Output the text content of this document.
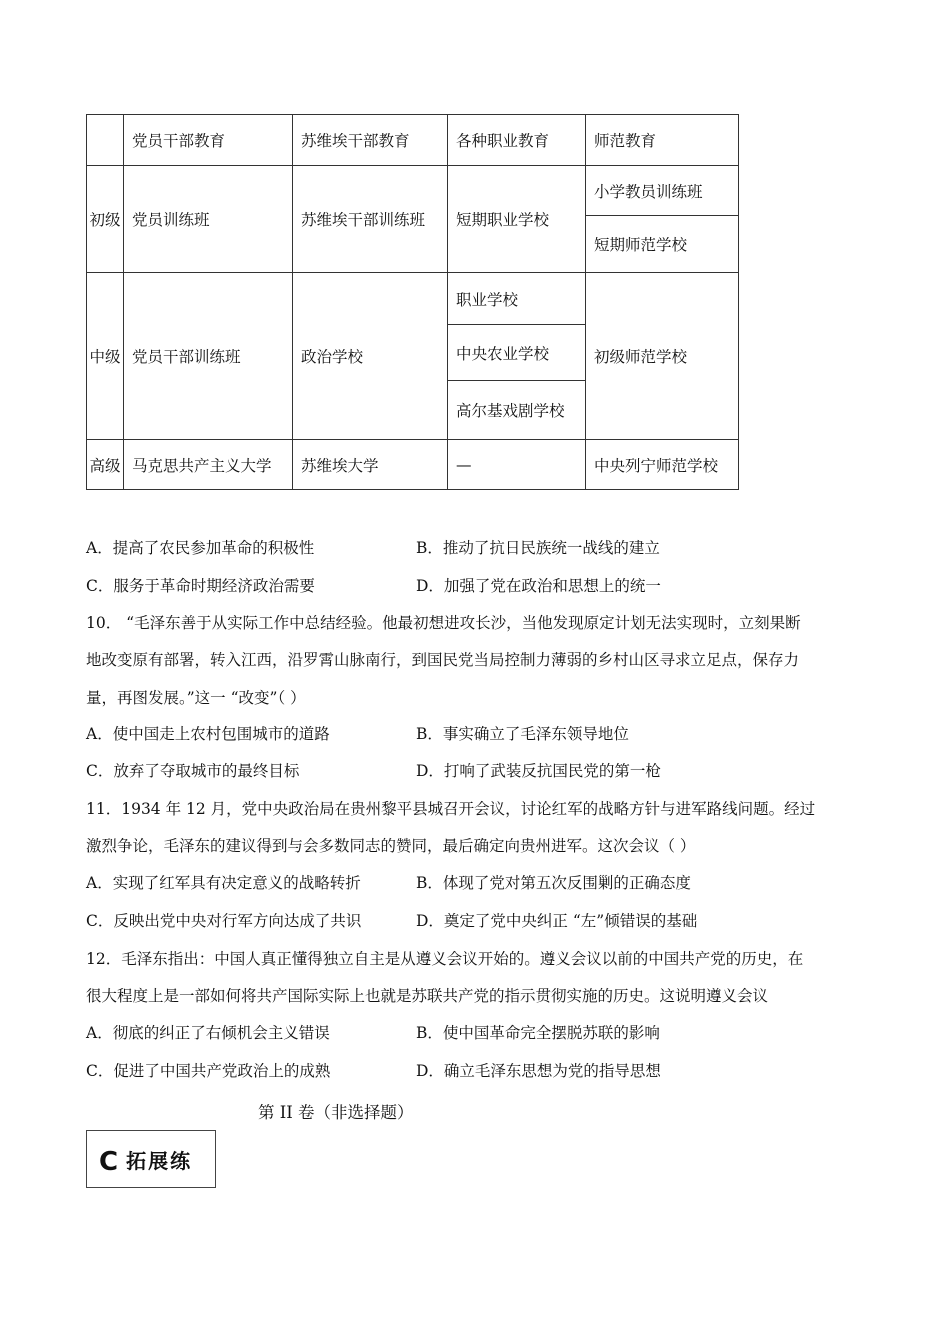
	党员干部教育	苏维埃干部教育	各种职业教育	师范教育
初级	党员训练班	苏维埃干部训练班	短期职业学校	小学教员训练班
				短期师范学校
中级	党员干部训练班	政治学校	职业学校	初级师范学校
			中央农业学校	
			高尔基戏剧学校	
高级	马克思共产主义大学	苏维埃大学	—	中央列宁师范学校
A．提高了农民参加革命的积极性	B．推动了抗日民族统一战线的建立
C．服务于革命时期经济政治需要	D．加强了党在政治和思想上的统一
10． “毛泽东善于从实际工作中总结经验。他最初想进攻长沙，当他发现原定计划无法实现时，立刻果断
地改变原有部署，转入江西，沿罗霄山脉南行，到国民党当局控制力薄弱的乡村山区寻求立足点，保存力
量，再图发展。”这一 “改变”（ ）
A．使中国走上农村包围城市的道路	B．事实确立了毛泽东领导地位
C．放弃了夺取城市的最终目标	D．打响了武装反抗国民党的第一枪
11．1934 年 12 月，党中央政治局在贵州黎平县城召开会议，讨论红军的战略方针与进军路线问题。经过
激烈争论，毛泽东的建议得到与会多数同志的赞同，最后确定向贵州进军。这次会议（ ）
A．实现了红军具有决定意义的战略转折	B．体现了党对第五次反围剿的正确态度
C．反映出党中央对行军方向达成了共识	D．奠定了党中央纠正 “左”倾错误的基础
12．毛泽东指出：中国人真正懂得独立自主是从遵义会议开始的。遵义会议以前的中国共产党的历史，在
很大程度上是一部如何将共产国际实际上也就是苏联共产党的指示贯彻实施的历史。这说明遵义会议
A．彻底的纠正了右倾机会主义错误	B．使中国革命完全摆脱苏联的影响
C．促进了中国共产党政治上的成熟	D．确立毛泽东思想为党的指导思想
第 II 卷（非选择题）
C 拓展练
